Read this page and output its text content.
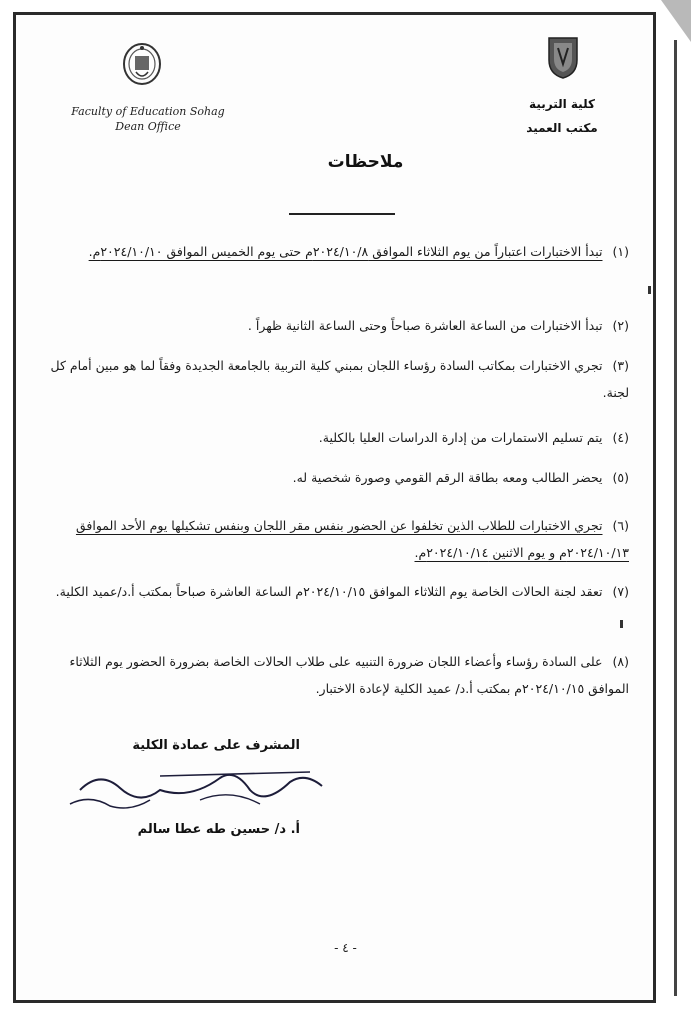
Faculty of Education Sohag
Dean Office
كلية التربية
مكتب العميد
ملاحظات
(١)تبدأ الاختبارات اعتباراً من يوم الثلاثاء الموافق ٢٠٢٤/١٠/٨م حتى يوم الخميس الموافق ٢٠٢٤/١٠/١٠م.
(٢)تبدأ الاختبارات من الساعة العاشرة صباحاً وحتى الساعة الثانية ظهراً .
(٣)تجري الاختبارات بمكاتب السادة رؤساء اللجان بمبني كلية التربية بالجامعة الجديدة وفقاً لما هو مبين أمام كل لجنة.
(٤)يتم تسليم الاستمارات من إدارة الدراسات العليا بالكلية.
(٥)يحضر الطالب ومعه بطاقة الرقم القومي وصورة شخصية له.
(٦)تجري الاختبارات للطلاب الذين تخلفوا عن الحضور بنفس مقر اللجان وبنفس تشكيلها يوم الأحد الموافق ٢٠٢٤/١٠/١٣م و يوم الاثنين ٢٠٢٤/١٠/١٤م.
(٧)تعقد لجنة الحالات الخاصة يوم الثلاثاء الموافق ٢٠٢٤/١٠/١٥م الساعة العاشرة صباحاً بمكتب أ.د/عميد الكلية.
(٨)على السادة رؤساء وأعضاء اللجان ضرورة التنبيه على طلاب الحالات الخاصة بضرورة الحضور يوم الثلاثاء الموافق ٢٠٢٤/١٠/١٥م بمكتب أ.د/ عميد الكلية لإعادة الاختبار.
المشرف على عمادة الكلية
أ. د/ حسين طه عطا سالم
- ٤ -
